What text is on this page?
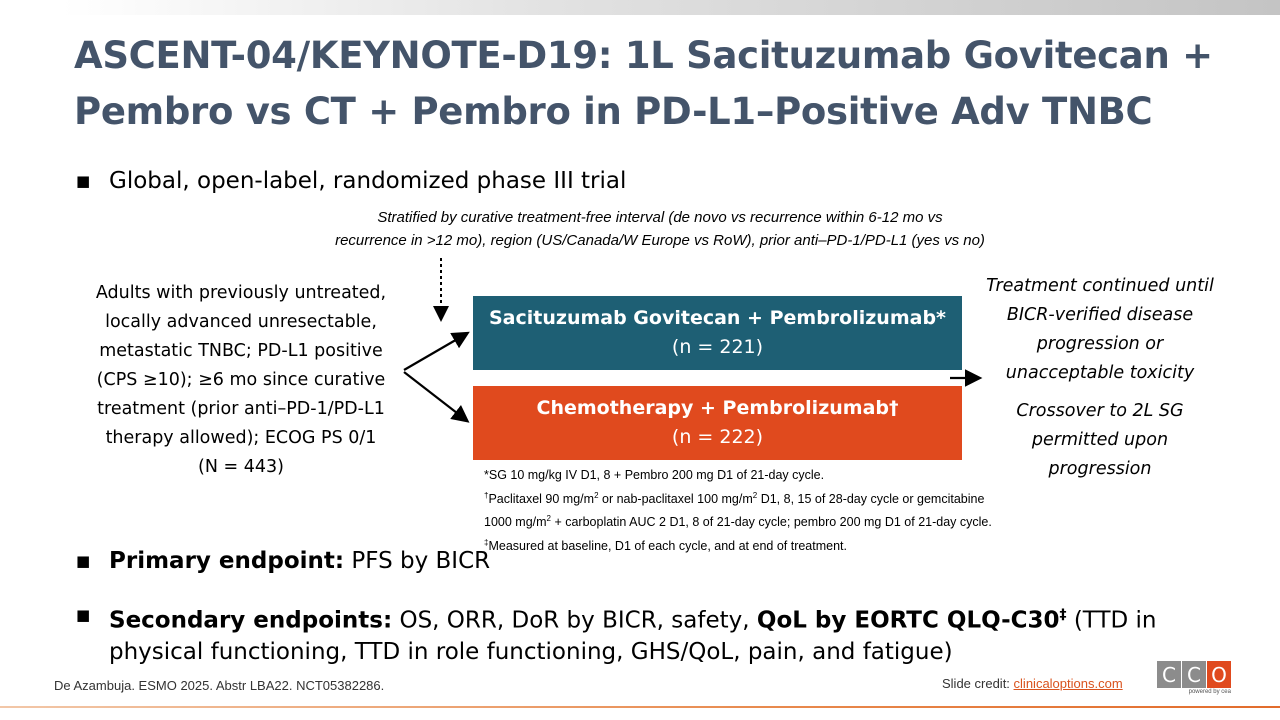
ASCENT-04/KEYNOTE-D19: 1L Sacituzumab Govitecan +
Pembro vs CT + Pembro in PD-L1–Positive Adv TNBC
■ Global, open-label, randomized phase III trial
Stratified by curative treatment-free interval (de novo vs recurrence within 6-12 mo vs
recurrence in >12 mo), region (US/Canada/W Europe vs RoW), prior anti–PD-1/PD-L1 (yes vs no)
Adults with previously untreated,
locally advanced unresectable,
metastatic TNBC; PD-L1 positive
(CPS ≥10); ≥6 mo since curative
treatment (prior anti–PD-1/PD-L1
therapy allowed); ECOG PS 0/1
(N = 443)
Sacituzumab Govitecan + Pembrolizumab*
(n = 221)
Chemotherapy + Pembrolizumab†
(n = 222)
Treatment continued until
BICR-verified disease
progression or
unacceptable toxicity
Crossover to 2L SG
permitted upon
progression
*SG 10 mg/kg IV D1, 8 + Pembro 200 mg D1 of 21-day cycle.
†Paclitaxel 90 $mg/m^2$ or nab-paclitaxel 100 $mg/m^2$ D1, 8, 15 of 28-day cycle or gemcitabine
1000 $mg/m^2$ + carboplatin AUC 2 D1, 8 of 21-day cycle; pembro 200 mg D1 of 21-day cycle.
‡Measured at baseline, D1 of each cycle, and at end of treatment.
■ Primary endpoint: PFS by BICR
■ Secondary endpoints: OS, ORR, DoR by BICR, safety, QoL by EORTC QLQ-C30‡ (TTD in physical functioning, TTD in role functioning, GHS/QoL, pain, and fatigue)
De Azambuja. ESMO 2025. Abstr LBA22. NCT05382286.	Slide credit: clinicaloptions.com C C O
powered by cea
